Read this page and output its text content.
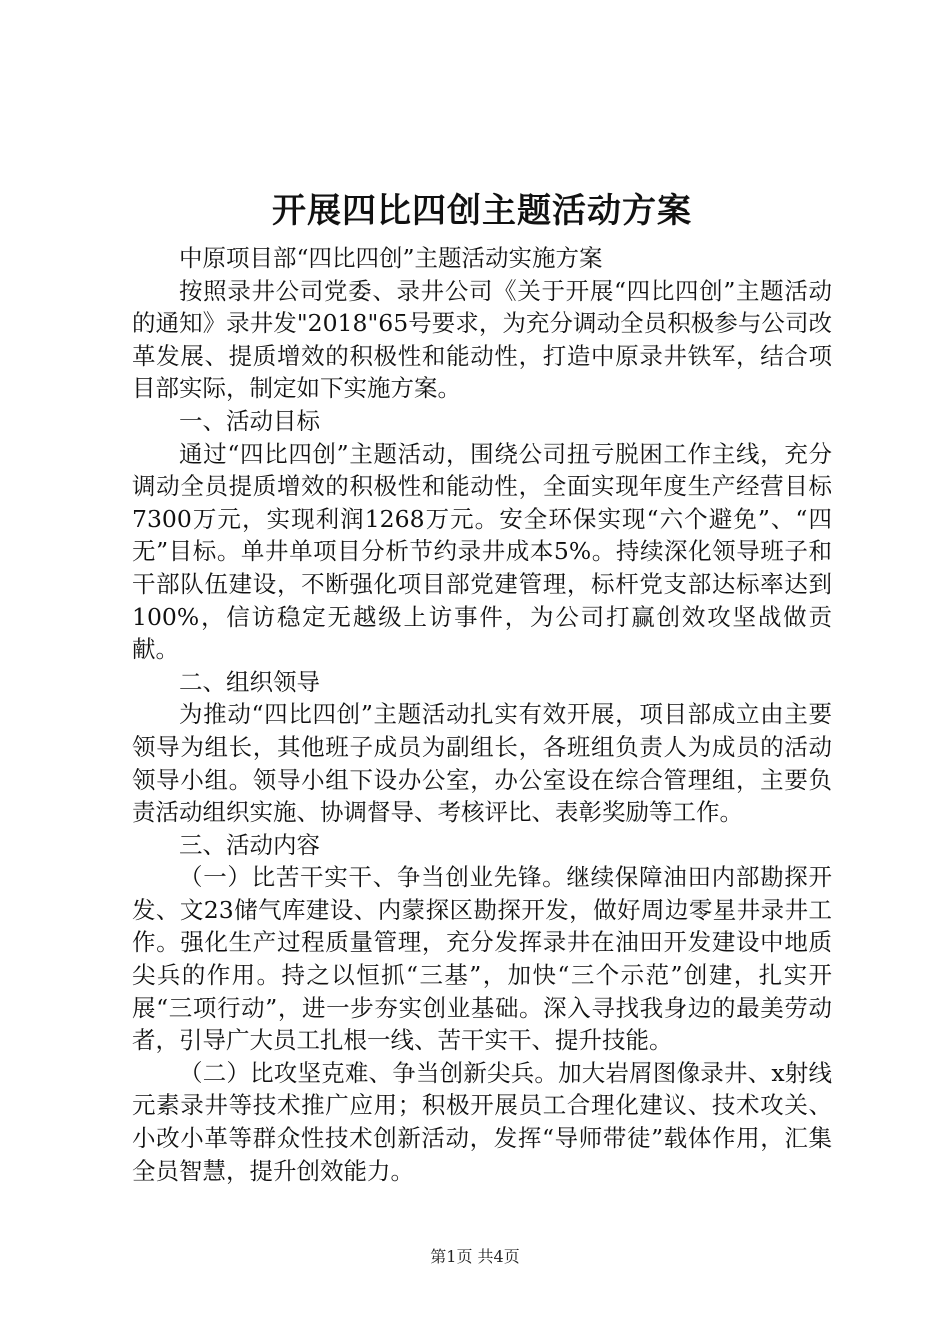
开展四比四创主题活动方案

中原项目部“四比四创”主题活动实施方案

按照录井公司党委、录井公司《关于开展“四比四创”主题活动的通知》录井发"2018"65号要求，为充分调动全员积极参与公司改革发展、提质增效的积极性和能动性，打造中原录井铁军，结合项目部实际，制定如下实施方案。

一、活动目标

通过“四比四创”主题活动，围绕公司扭亏脱困工作主线，充分调动全员提质增效的积极性和能动性，全面实现年度生产经营目标7300万元，实现利润1268万元。安全环保实现“六个避免”、“四无”目标。单井单项目分析节约录井成本5%。持续深化领导班子和干部队伍建设，不断强化项目部党建管理，标杆党支部达标率达到100%，信访稳定无越级上访事件，为公司打赢创效攻坚战做贡献。

二、组织领导

为推动“四比四创”主题活动扎实有效开展，项目部成立由主要领导为组长，其他班子成员为副组长，各班组负责人为成员的活动领导小组。领导小组下设办公室，办公室设在综合管理组，主要负责活动组织实施、协调督导、考核评比、表彰奖励等工作。

三、活动内容

（一）比苦干实干、争当创业先锋。继续保障油田内部勘探开发、文23储气库建设、内蒙探区勘探开发，做好周边零星井录井工作。强化生产过程质量管理，充分发挥录井在油田开发建设中地质尖兵的作用。持之以恒抓“三基”，加快“三个示范”创建，扎实开展“三项行动”，进一步夯实创业基础。深入寻找我身边的最美劳动者，引导广大员工扎根一线、苦干实干、提升技能。

（二）比攻坚克难、争当创新尖兵。加大岩屑图像录井、x射线元素录井等技术推广应用；积极开展员工合理化建议、技术攻关、小改小革等群众性技术创新活动，发挥“导师带徒”载体作用，汇集全员智慧，提升创效能力。

第1页 共4页
